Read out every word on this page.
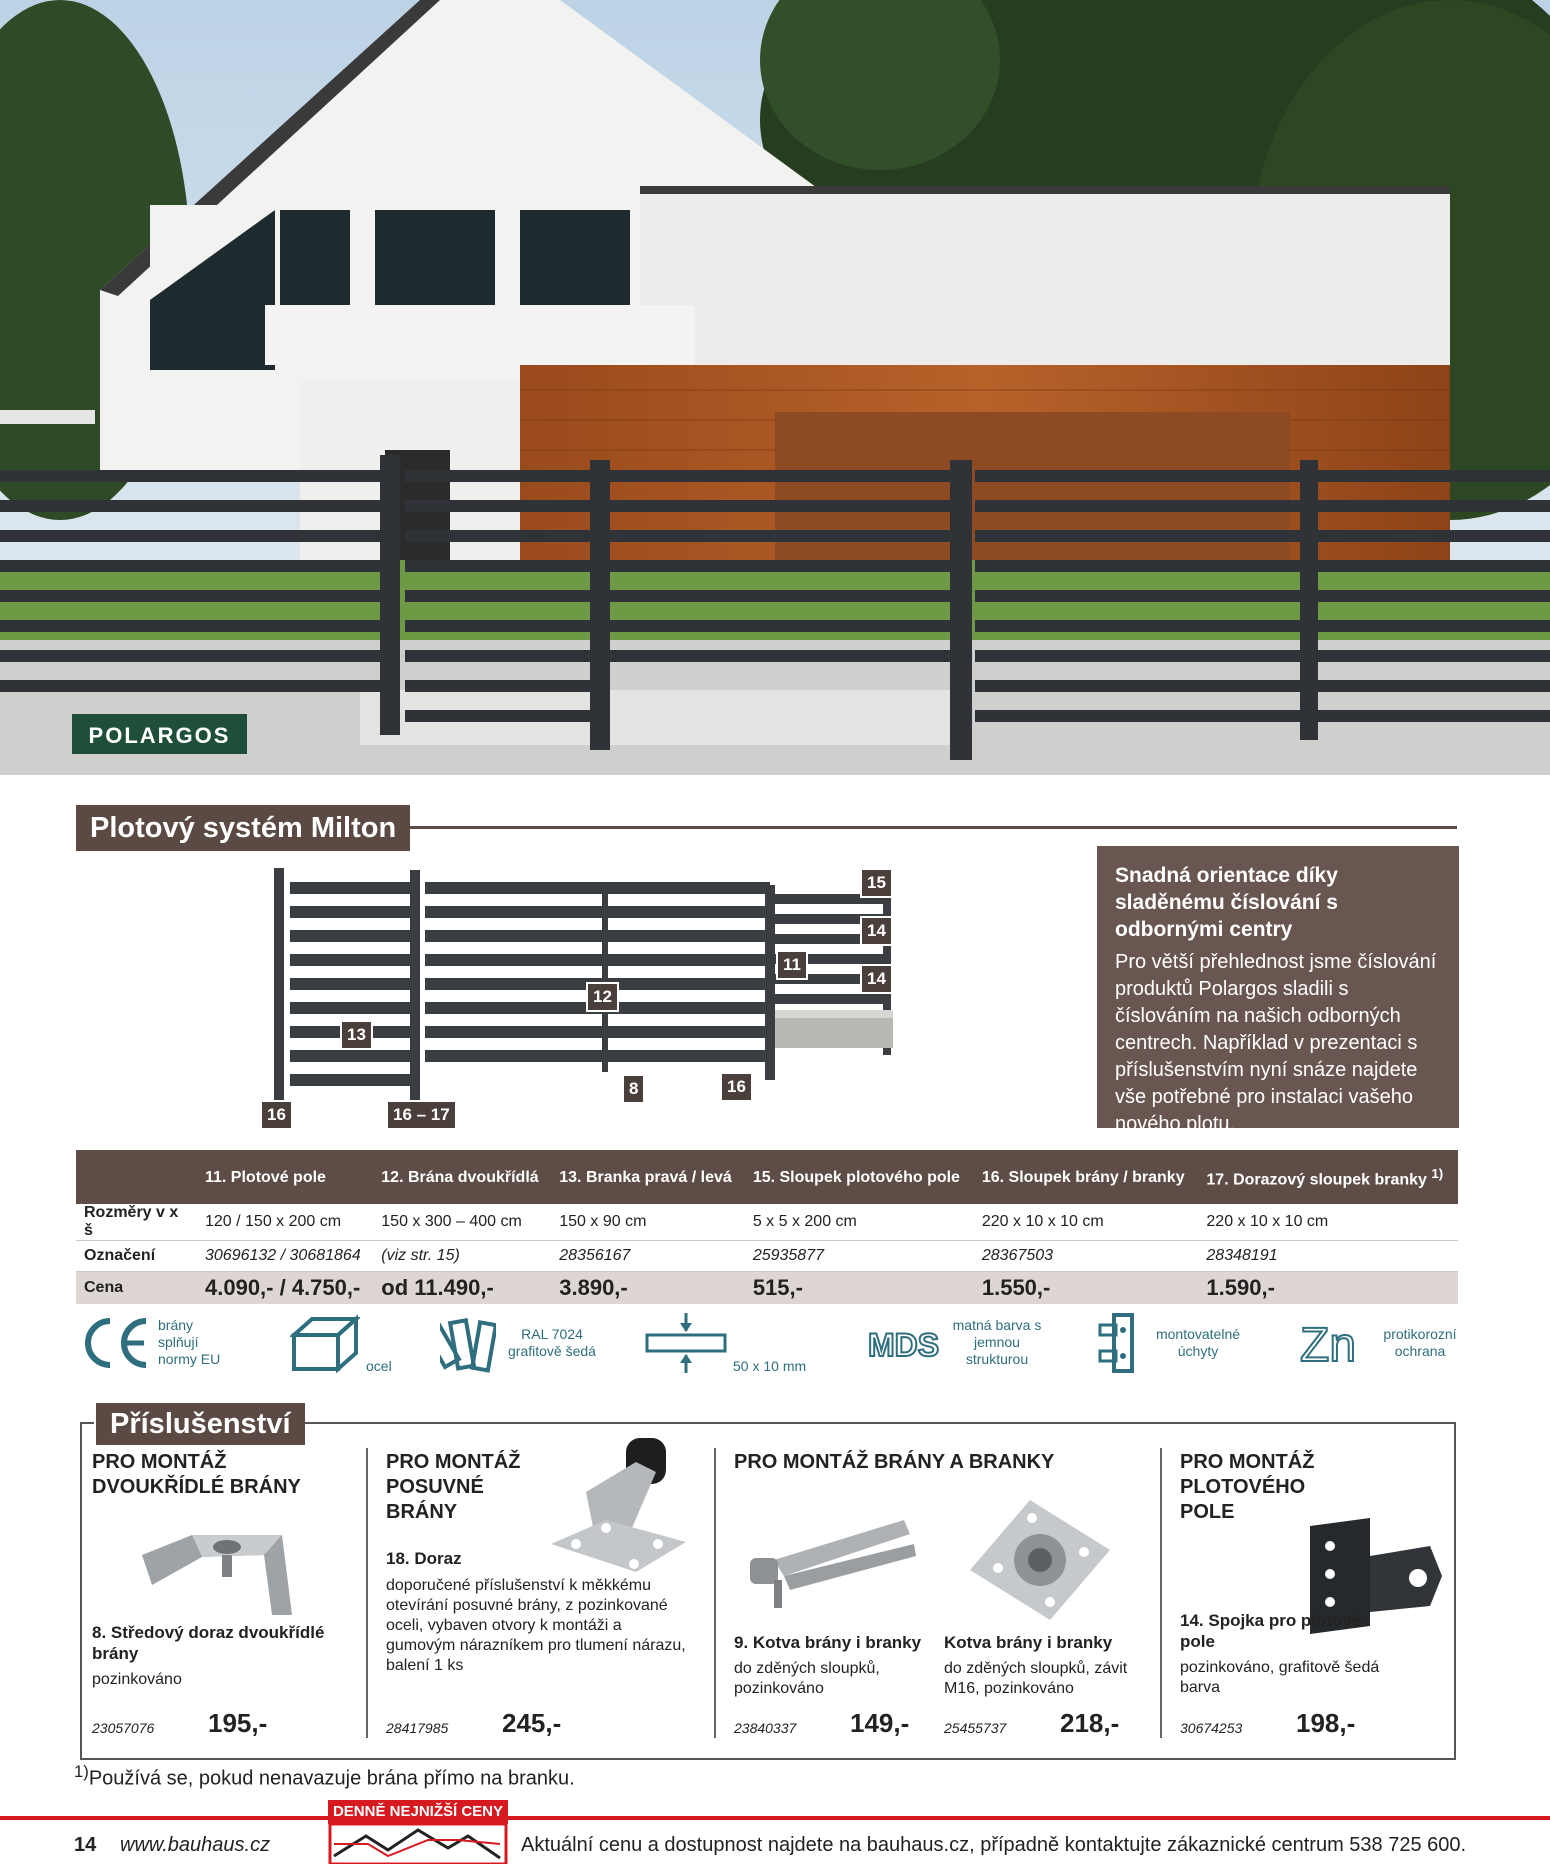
POLARGOS
Plotový systém Milton
15
14
14
11
12
13
8	16
16	16 – 17
Snadná orientace díky sladěnému číslování s odbornými centry

Pro větší přehlednost jsme číslování produktů Polargos sladili s číslováním na našich odborných centrech. Například v prezentaci s příslušenstvím nyní snáze najdete vše potřebné pro instalaci vašeho nového plotu.

	11. Plotové pole	12. Brána dvoukřídlá	13. Branka pravá / levá	15. Sloupek plotového pole	16. Sloupek brány / branky	17. Dorazový sloupek branky $^{1)}$
Rozměry v x š	120 / 150 x 200 cm	150 x 300 – 400 cm	150 x 90 cm	5 x 5 x 200 cm	220 x 10 x 10 cm	220 x 10 x 10 cm
Označení	30696132 / 30681864	(viz str. 15)	28356167	25935877	28367503	28348191
Cena	4.090,- / 4.750,-	od 11.490,-	3.890,-	515,-	1.550,-	1.590,-
brány splňují normy EU	ocel
RAL 7024 grafitově šedá
50 x 10 mm
MDS
matná barva s jemnou strukturou
montovatelné úchyty	Zn protikorozní ochrana
Příslušenství

PRO MONTÁŽ DVOUKŘÍDLÉ BRÁNY

8. Středový doraz dvoukřídlé brány
pozinkováno
23057076 195,-

PRO MONTÁŽ POSUVNÉ BRÁNY

18. Doraz
doporučené příslušenství k měkkému otevírání posuvné brány, z pozinkované oceli, vybaven otvory k montáži a gumovým nárazníkem pro tlumení nárazu, balení 1 ks
28417985 245,-

PRO MONTÁŽ BRÁNY A BRANKY

9. Kotva brány i branky
do zděných sloupků, pozinkováno
23840337 149,-
Kotva brány i branky
do zděných sloupků, závit M16, pozinkováno
25455737 218,-

PRO MONTÁŽ PLOTOVÉHO POLE

14. Spojka pro plotové pole
pozinkováno, grafitově šedá barva
30674253 198,-
$^{1)}$Používá se, pokud nenavazuje brána přímo na branku.
14 www.bauhaus.cz
DENNĚ NEJNIŽŠÍ CENY
Aktuální cenu a dostupnost najdete na bauhaus.cz, případně kontaktujte zákaznické centrum 538 725 600.
